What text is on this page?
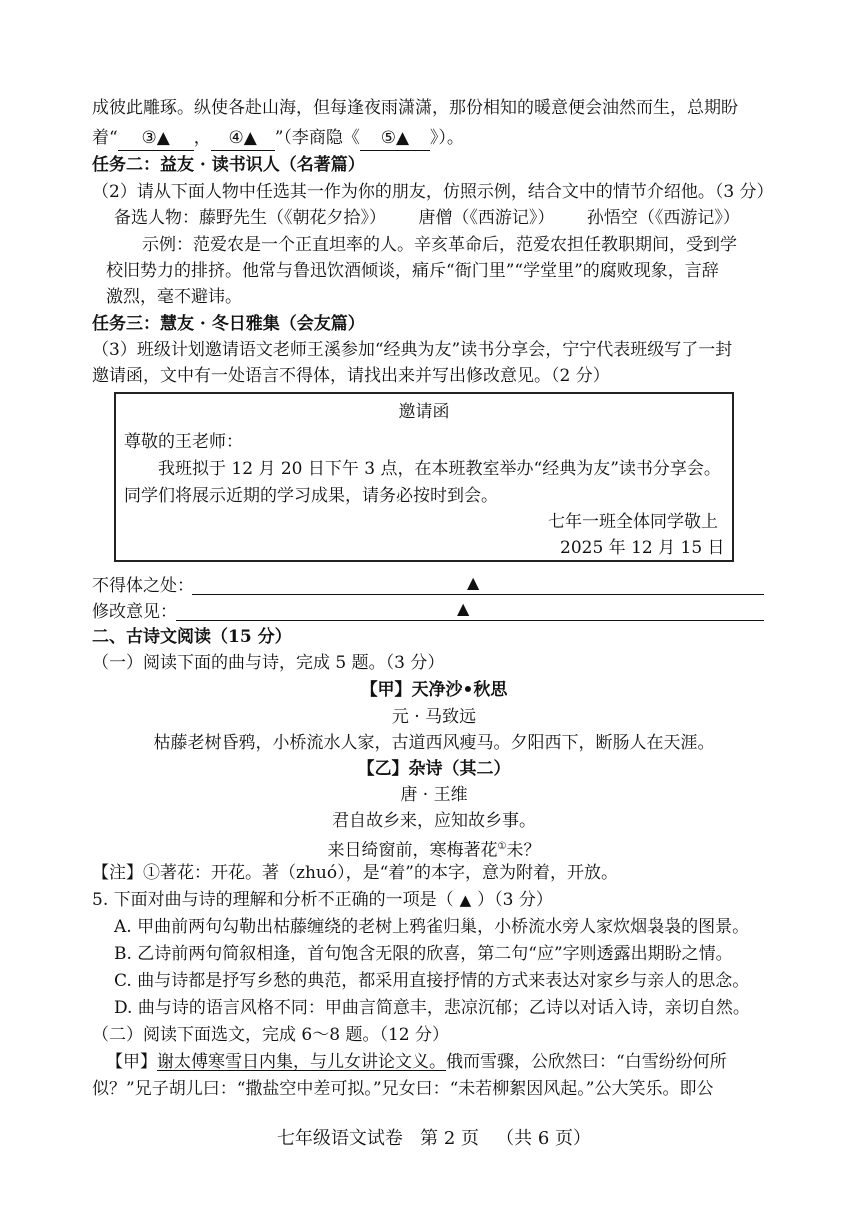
成彼此雕琢。纵使各赴山海，但每逢夜雨潇潇，那份相知的暖意便会油然而生，总期盼
着“ ③▲ ， ④▲ ”（李商隐《 ⑤▲ 》）。
任务二：益友 · 读书识人（名著篇）
（2）请从下面人物中任选其一作为你的朋友，仿照示例，结合文中的情节介绍他。（3 分）
备选人物：藤野先生（《朝花夕拾》）      唐僧（《西游记》）      孙悟空（《西游记》）
示例：范爱农是一个正直坦率的人。辛亥革命后，范爱农担任教职期间，受到学
校旧势力的排挤。他常与鲁迅饮酒倾谈，痛斥“衙门里”“学堂里”的腐败现象，言辞
激烈，毫不避讳。
任务三：慧友 · 冬日雅集（会友篇）
（3）班级计划邀请语文老师王溪参加“经典为友”读书分享会，宁宁代表班级写了一封
邀请函，文中有一处语言不得体，请找出来并写出修改意见。（2 分）
邀请函
尊敬的王老师：
我班拟于 12 月 20 日下午 3 点，在本班教室举办“经典为友”读书分享会。
同学们将展示近期的学习成果，请务必按时到会。
七年一班全体同学敬上
2025 年 12 月 15 日
不得体之处：	▲
修改意见：	▲
二、古诗文阅读（15 分）
（一）阅读下面的曲与诗，完成 5 题。（3 分）
【甲】天净沙•秋思
元 · 马致远
枯藤老树昏鸦，小桥流水人家，古道西风瘦马。夕阳西下，断肠人在天涯。
【乙】杂诗（其二）
唐 · 王维
君自故乡来，应知故乡事。
来日绮窗前，寒梅著花①未？
【注】①著花：开花。著（zhuó），是“着”的本字，意为附着，开放。
5. 下面对曲与诗的理解和分析不正确的一项是（ ▲ ）（3 分）
A. 甲曲前两句勾勒出枯藤缠绕的老树上鸦雀归巢，小桥流水旁人家炊烟袅袅的图景。
B. 乙诗前两句简叙相逢，首句饱含无限的欣喜，第二句“应”字则透露出期盼之情。
C. 曲与诗都是抒写乡愁的典范，都采用直接抒情的方式来表达对家乡与亲人的思念。
D. 曲与诗的语言风格不同：甲曲言简意丰，悲凉沉郁；乙诗以对话入诗，亲切自然。
（二）阅读下面选文，完成 6～8 题。（12 分）
【甲】谢太傅寒雪日内集，与儿女讲论文义。俄而雪骤，公欣然曰：“白雪纷纷何所
似？”兄子胡儿曰：“撒盐空中差可拟。”兄女曰：“未若柳絮因风起。”公大笑乐。即公
七年级语文试卷   第 2 页   （共 6 页）
